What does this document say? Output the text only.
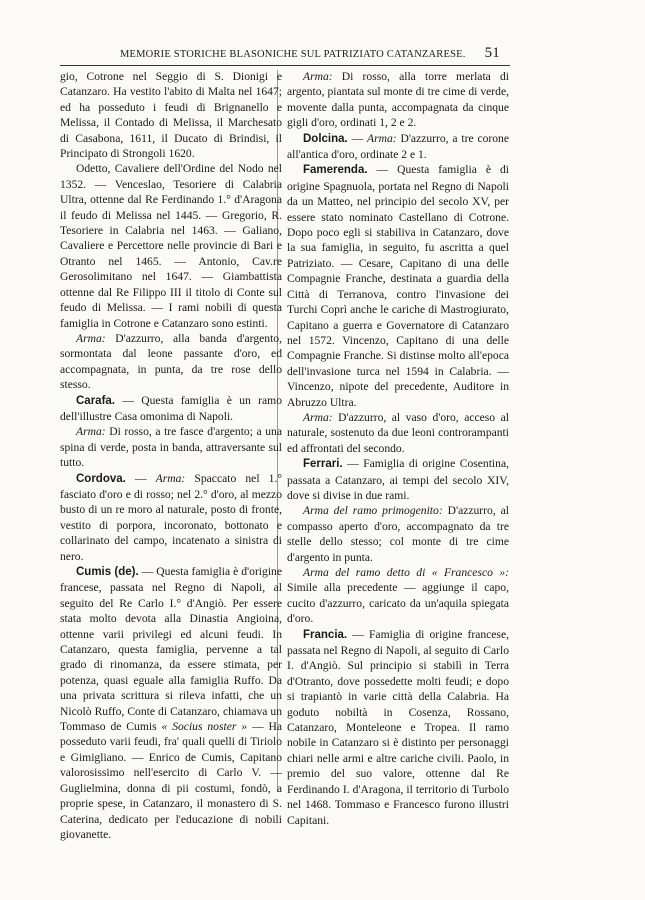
MEMORIE STORICHE BLASONICHE SUL PATRIZIATO CATANZARESE. 51

gio, Cotrone nel Seggio di S. Dionigi e Catanzaro. Ha vestito l'abito di Malta nel 1647; ed ha posseduto i feudi di Brignanello e Melissa, il Contado di Melissa, il Marchesato di Casabona, 1611, il Ducato di Brindisi, il Principato di Strongoli 1620.

Odetto, Cavaliere dell'Ordine del Nodo nel 1352. — Venceslao, Tesoriere di Calabria Ultra, ottenne dal Re Ferdinando 1.° d'Aragona il feudo di Melissa nel 1445. — Gregorio, R. Tesoriere in Calabria nel 1463. — Galiano, Cavaliere e Percettore nelle provincie di Bari e Otranto nel 1465. — Antonio, Cav.re Gerosolimitano nel 1647. — Giambattista ottenne dal Re Filippo III il titolo di Conte sul feudo di Melissa. — I rami nobili di questa famiglia in Cotrone e Catanzaro sono estinti.

Arma: D'azzurro, alla banda d'argento, sormontata dal leone passante d'oro, ed accompagnata, in punta, da tre rose dello stesso.

Carafa. — Questa famiglia è un ramo dell'illustre Casa omonima di Napoli.

Arma: Di rosso, a tre fasce d'argento; a una spina di verde, posta in banda, attraversante sul tutto.

Cordova. — Arma: Spaccato nel 1.° fasciato d'oro e di rosso; nel 2.° d'oro, al mezzo busto di un re moro al naturale, posto di fronte, vestito di porpora, incoronato, bottonato e collarinato del campo, incatenato a sinistra di nero.

Cumis (de). — Questa famiglia è d'origine francese, passata nel Regno di Napoli, al seguito del Re Carlo I.° d'Angiò. Per essere stata molto devota alla Dinastia Angioina, ottenne varii privilegi ed alcuni feudi. In Catanzaro, questa famiglia, pervenne a tal grado di rinomanza, da essere stimata, per potenza, quasi eguale alla famiglia Ruffo. Da una privata scrittura si rileva infatti, che un Nicolò Ruffo, Conte di Catanzaro, chiamava un Tommaso de Cumis « Socius noster » — Ha posseduto varii feudi, fra' quali quelli di Tiriolo e Gimigliano. — Enrico de Cumis, Capitano valorosissimo nell'esercito di Carlo V. — Guglielmina, donna di pii costumi, fondò, a proprie spese, in Catanzaro, il monastero di S. Caterina, dedicato per l'educazione di nobili giovanette.

Arma: Di rosso, alla torre merlata di argento, piantata sul monte di tre cime di verde, movente dalla punta, accompagnata da cinque gigli d'oro, ordinati 1, 2 e 2.

Dolcina. — Arma: D'azzurro, a tre corone all'antica d'oro, ordinate 2 e 1.

Famerenda. — Questa famiglia è di origine Spagnuola, portata nel Regno di Napoli da un Matteo, nel principio del secolo XV, per essere stato nominato Castellano di Cotrone. Dopo poco egli si stabiliva in Catanzaro, dove la sua famiglia, in seguito, fu ascritta a quel Patriziato. — Cesare, Capitano di una delle Compagnie Franche, destinata a guardia della Città di Terranova, contro l'invasione dei Turchi Coprì anche le cariche di Mastrogiurato, Capitano a guerra e Governatore di Catanzaro nel 1572. Vincenzo, Capitano di una delle Compagnie Franche. Si distinse molto all'epoca dell'invasione turca nel 1594 in Calabria. — Vincenzo, nipote del precedente, Auditore in Abruzzo Ultra.

Arma: D'azzurro, al vaso d'oro, acceso al naturale, sostenuto da due leoni controrampanti ed affrontati del secondo.

Ferrari. — Famiglia di origine Cosentina, passata a Catanzaro, ai tempi del secolo XIV, dove si divise in due rami.

Arma del ramo primogenito: D'azzurro, al compasso aperto d'oro, accompagnato da tre stelle dello stesso; col monte di tre cime d'argento in punta.

Arma del ramo detto di « Francesco »: Simile alla precedente — aggiunge il capo, cucito d'azzurro, caricato da un'aquila spiegata d'oro.

Francia. — Famiglia di origine francese, passata nel Regno di Napoli, al seguito di Carlo I. d'Angiò. Sul principio si stabilì in Terra d'Otranto, dove possedette molti feudi; e dopo si trapiantò in varie città della Calabria. Ha goduto nobiltà in Cosenza, Rossano, Catanzaro, Monteleone e Tropea. Il ramo nobile in Catanzaro si è distinto per personaggi chiari nelle armi e altre cariche civili. Paolo, in premio del suo valore, ottenne dal Re Ferdinando I. d'Aragona, il territorio di Turbolo nel 1468. Tommaso e Francesco furono illustri Capitani.
